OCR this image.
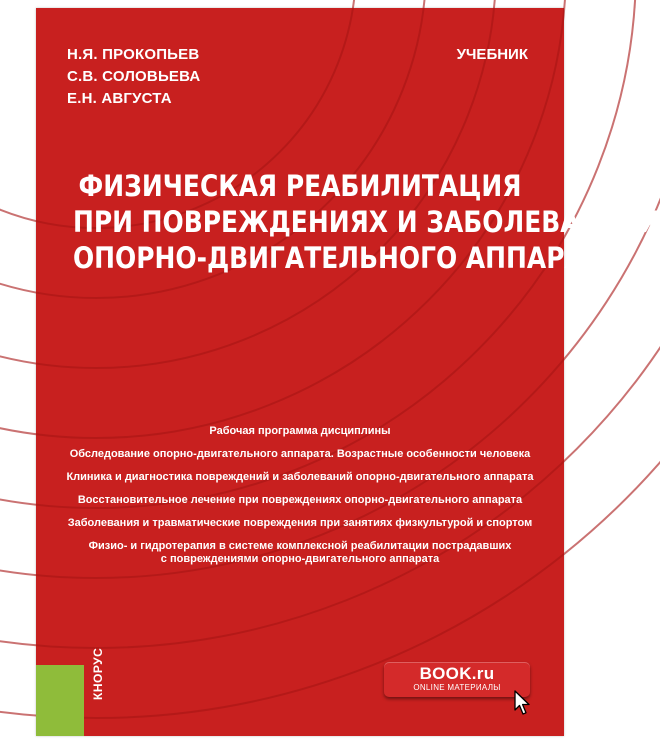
Н.Я. ПРОКОПЬЕВ
С.В. СОЛОВЬЕВА
Е.Н. АВГУСТА
УЧЕБНИК
ФИЗИЧЕСКАЯ РЕАБИЛИТАЦИЯ
ПРИ ПОВРЕЖДЕНИЯХ И ЗАБОЛЕВАНИЯХ
ОПОРНО-ДВИГАТЕЛЬНОГО АППАРАТА
Рабочая программа дисциплины
Обследование опорно-двигательного аппарата. Возрастные особенности человека
Клиника и диагностика повреждений и заболеваний опорно-двигательного аппарата
Восстановительное лечение при повреждениях опорно-двигательного аппарата
Заболевания и травматические повреждения при занятиях физкультурой и спортом
Физио- и гидротерапия в системе комплексной реабилитации пострадавших
с повреждениями опорно-двигательного аппарата
КНОРУС	BOOK.ru
ONLINE МАТЕРИАЛЫ
